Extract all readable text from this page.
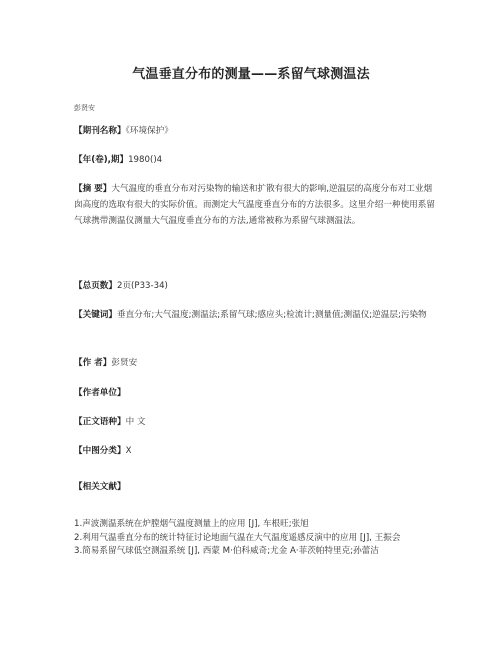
气温垂直分布的测量——系留气球测温法
彭贤安
【期刊名称】《环境保护》
【年(卷),期】1980()4
【摘 要】大气温度的垂直分布对污染物的输送和扩散有很大的影响,逆温层的高度分布对工业烟囱高度的选取有很大的实际价值。而测定大气温度垂直分布的方法很多。这里介绍一种使用系留气球携带测温仪测量大气温度垂直分布的方法,通常被称为系留气球测温法。
【总页数】2页(P33-34)
【关键词】垂直分布;大气温度;测温法;系留气球;感应头;检流计;测量值;测温仪;逆温层;污染物
【作 者】彭贤安
【作者单位】
【正文语种】中 文
【中图分类】X
【相关文献】
1.声波测温系统在炉膛烟气温度测量上的应用 [J], 车根旺;张旭
2.利用气温垂直分布的统计特征讨论地面气温在大气温度遥感反演中的应用 [J], 王振会
3.简易系留气球低空测温系统 [J], 西蒙 M·伯科威奇;尤金 A·菲茨帕特里克;孙蕾洁
